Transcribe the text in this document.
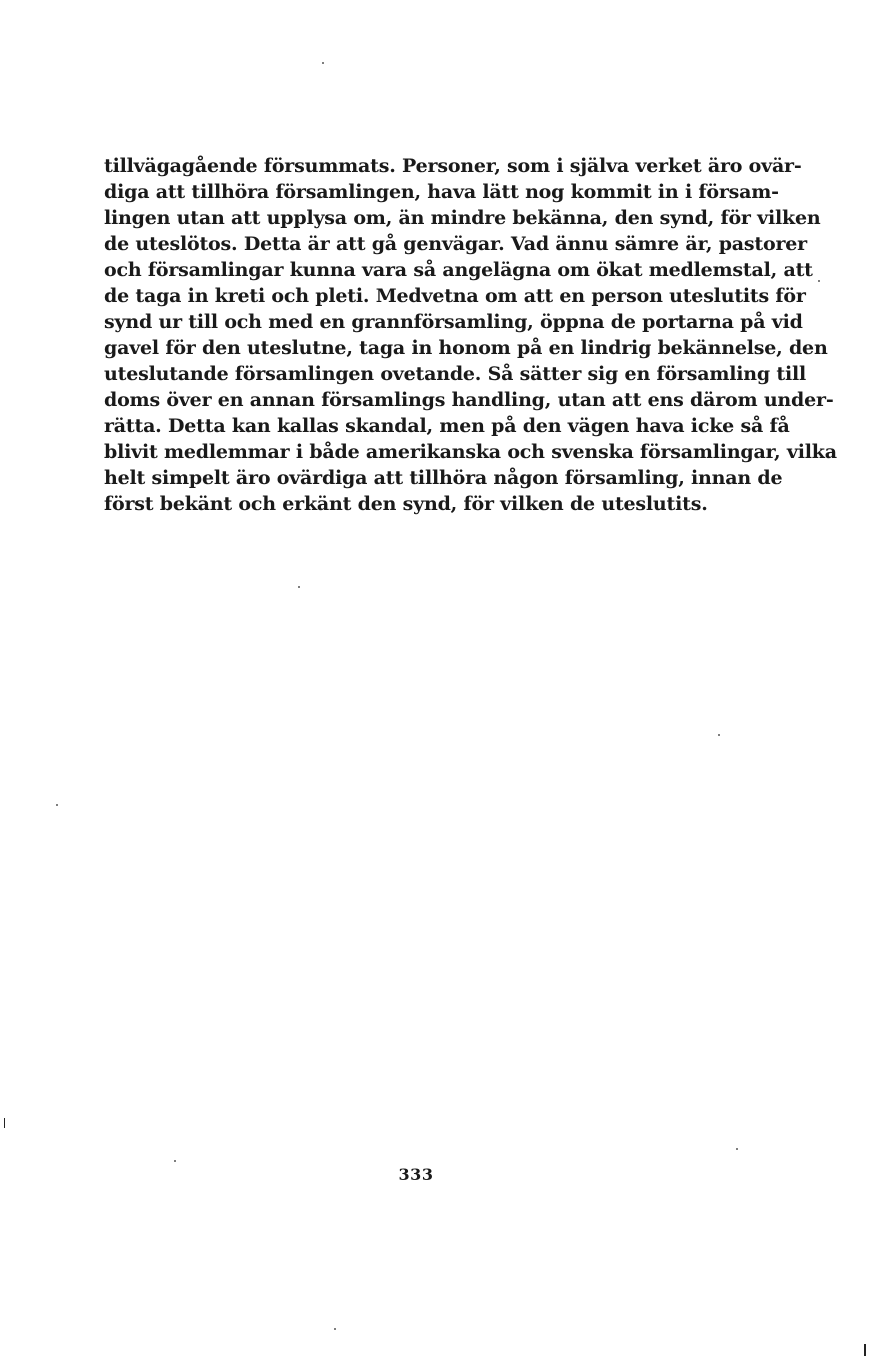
tillvägagående försummats. Personer, som i själva verket äro ovär-
diga att tillhöra församlingen, hava lätt nog kommit in i försam-
lingen utan att upplysa om, än mindre bekänna, den synd, för vilken
de uteslötos. Detta är att gå genvägar. Vad ännu sämre är, pastorer
och församlingar kunna vara så angelägna om ökat medlemstal, att
de taga in kreti och pleti. Medvetna om att en person uteslutits för
synd ur till och med en grannförsamling, öppna de portarna på vid
gavel för den uteslutne, taga in honom på en lindrig bekännelse, den
uteslutande församlingen ovetande. Så sätter sig en församling till
doms över en annan församlings handling, utan att ens därom under-
rätta. Detta kan kallas skandal, men på den vägen hava icke så få
blivit medlemmar i både amerikanska och svenska församlingar, vilka
helt simpelt äro ovärdiga att tillhöra någon församling, innan de
först bekänt och erkänt den synd, för vilken de uteslutits.
333
